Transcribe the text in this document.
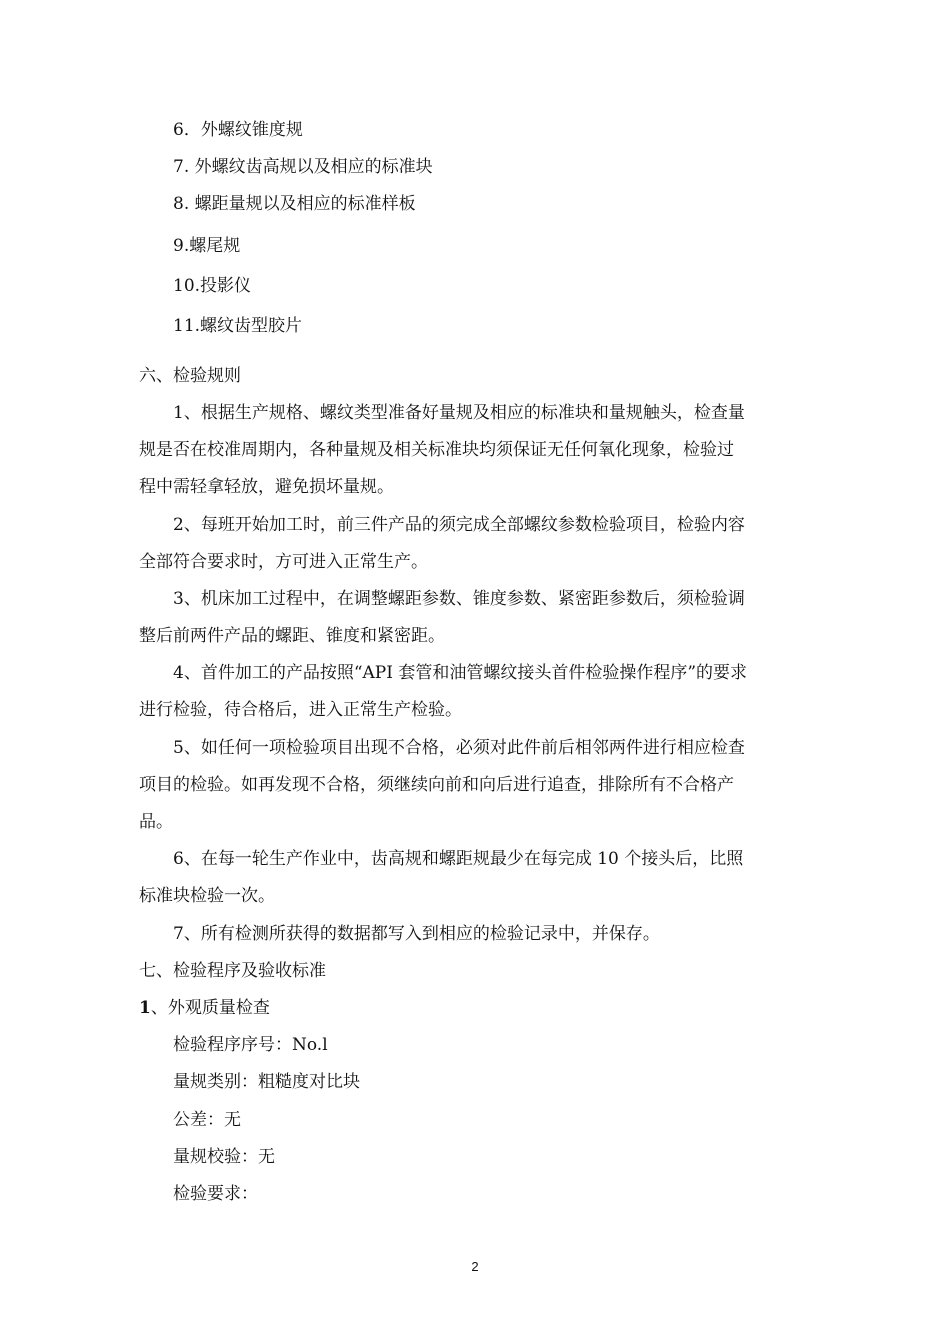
6．外螺纹锥度规
7. 外螺纹齿高规以及相应的标准块
8. 螺距量规以及相应的标准样板
9.螺尾规
10.投影仪
11.螺纹齿型胶片
六、检验规则
1、根据生产规格、螺纹类型准备好量规及相应的标准块和量规触头，检查量
规是否在校准周期内，各种量规及相关标准块均须保证无任何氧化现象，检验过
程中需轻拿轻放，避免损坏量规。
2、每班开始加工时，前三件产品的须完成全部螺纹参数检验项目，检验内容
全部符合要求时，方可进入正常生产。
3、机床加工过程中，在调整螺距参数、锥度参数、紧密距参数后，须检验调
整后前两件产品的螺距、锥度和紧密距。
4、首件加工的产品按照“API 套管和油管螺纹接头首件检验操作程序”的要求
进行检验，待合格后，进入正常生产检验。
5、如任何一项检验项目出现不合格，必须对此件前后相邻两件进行相应检查
项目的检验。如再发现不合格，须继续向前和向后进行追查，排除所有不合格产
品。
6、在每一轮生产作业中，齿高规和螺距规最少在每完成 10 个接头后，比照
标准块检验一次。
7、所有检测所获得的数据都写入到相应的检验记录中，并保存。
七、检验程序及验收标准
1、外观质量检查
检验程序序号：No.l
量规类别：粗糙度对比块
公差：无
量规校验：无
检验要求：
2
